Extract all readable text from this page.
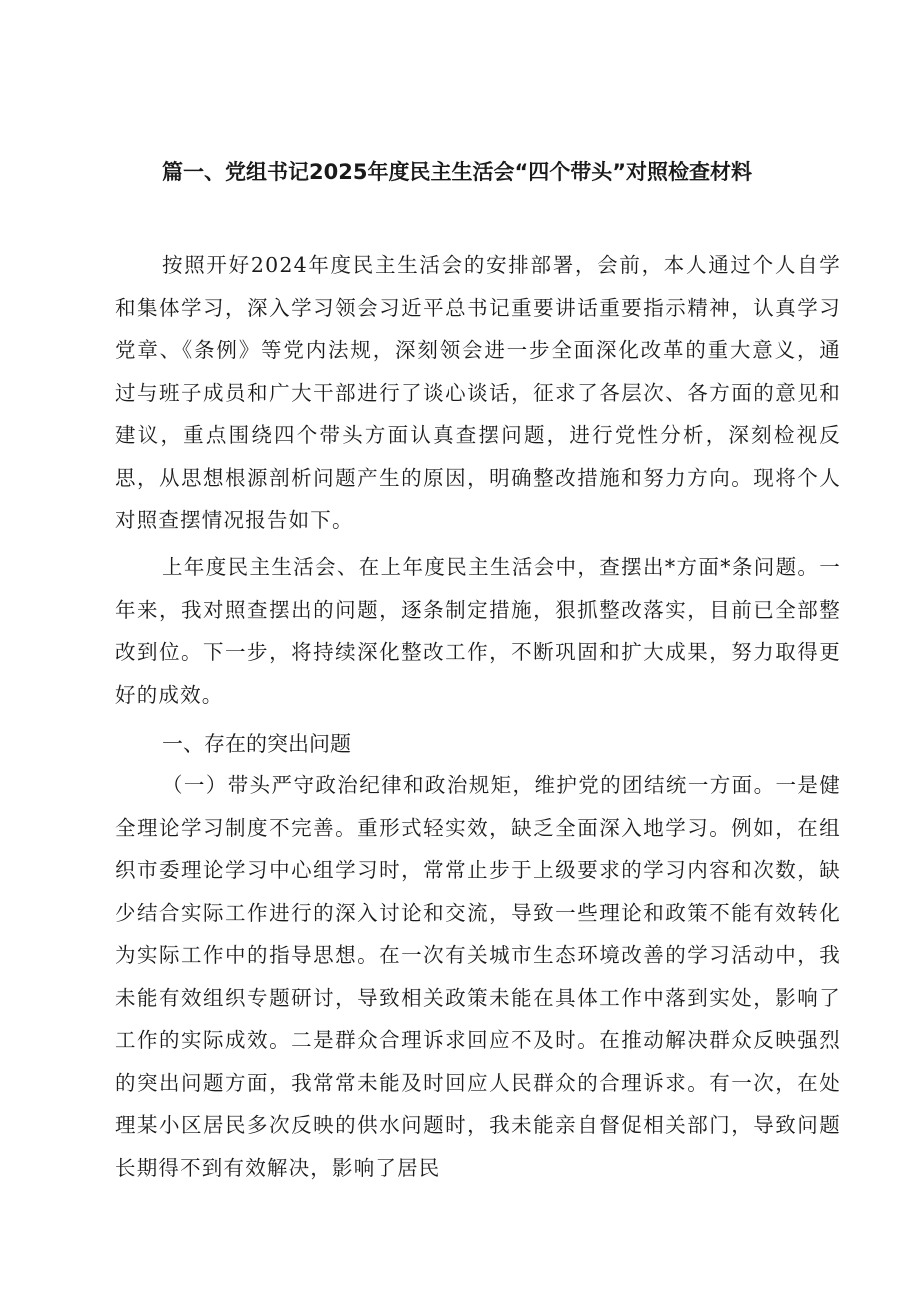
篇一、党组书记2025年度民主生活会“四个带头”对照检查材料

按照开好2024年度民主生活会的安排部署，会前，本人通过个人自学和集体学习，深入学习领会习近平总书记重要讲话重要指示精神，认真学习党章、《条例》等党内法规，深刻领会进一步全面深化改革的重大意义，通过与班子成员和广大干部进行了谈心谈话，征求了各层次、各方面的意见和建议，重点围绕四个带头方面认真查摆问题，进行党性分析，深刻检视反思，从思想根源剖析问题产生的原因，明确整改措施和努力方向。现将个人对照查摆情况报告如下。

上年度民主生活会、在上年度民主生活会中，查摆出*方面*条问题。一年来，我对照查摆出的问题，逐条制定措施，狠抓整改落实，目前已全部整改到位。下一步，将持续深化整改工作，不断巩固和扩大成果，努力取得更好的成效。

一、存在的突出问题

（一）带头严守政治纪律和政治规矩，维护党的团结统一方面。一是健全理论学习制度不完善。重形式轻实效，缺乏全面深入地学习。例如，在组织市委理论学习中心组学习时，常常止步于上级要求的学习内容和次数，缺少结合实际工作进行的深入讨论和交流，导致一些理论和政策不能有效转化为实际工作中的指导思想。在一次有关城市生态环境改善的学习活动中，我未能有效组织专题研讨，导致相关政策未能在具体工作中落到实处，影响了工作的实际成效。二是群众合理诉求回应不及时。在推动解决群众反映强烈的突出问题方面，我常常未能及时回应人民群众的合理诉求。有一次，在处理某小区居民多次反映的供水问题时，我未能亲自督促相关部门，导致问题长期得不到有效解决，影响了居民
